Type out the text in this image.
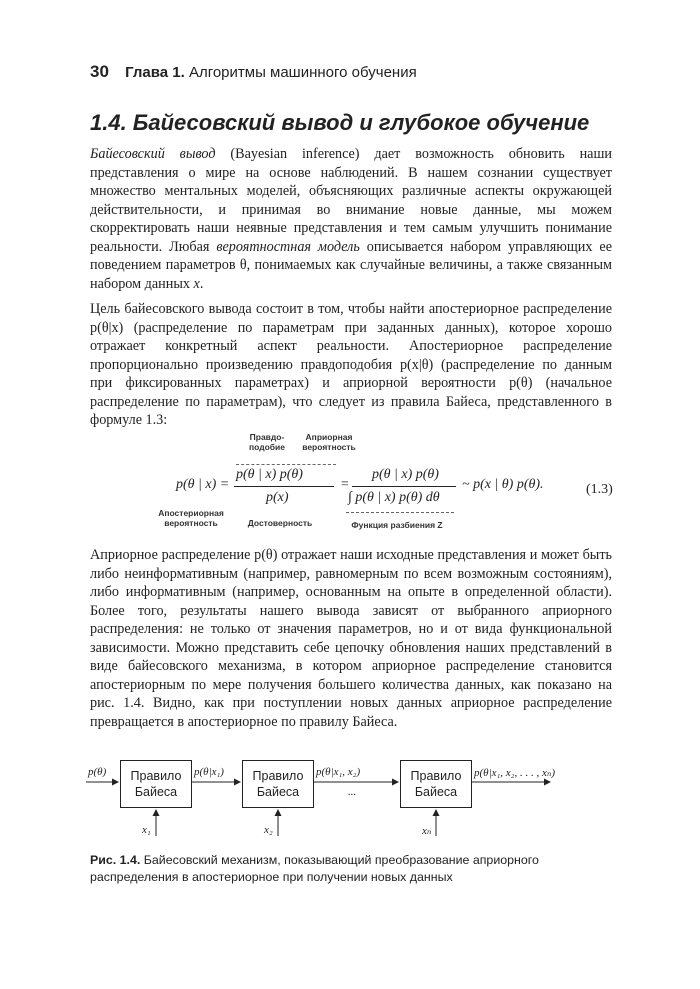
30 Глава 1. Алгоритмы машинного обучения
1.4. Байесовский вывод и глубокое обучение
Байесовский вывод (Bayesian inference) дает возможность обновить наши представления о мире на основе наблюдений. В нашем сознании существует множество ментальных моделей, объясняющих различные аспекты окружающей действительности, и принимая во внимание новые данные, мы можем скорректировать наши неявные представления и тем самым улучшить понимание реальности. Любая вероятностная модель описывается набором управляющих ее поведением параметров θ, понимаемых как случайные величины, а также связанным набором данных x.
Цель байесовского вывода состоит в том, чтобы найти апостериорное распределение p(θ|x) (распределение по параметрам при заданных данных), которое хорошо отражает конкретный аспект реальности. Апостериорное распределение пропорционально произведению правдоподобия p(x|θ) (распределение по данным при фиксированных параметрах) и априорной вероятности p(θ) (начальное распределение по параметрам), что следует из правила Байеса, представленного в формуле 1.3:
Правдо-
подобие
Априорная
вероятность
p(θ | x) =
p(θ | x) p(θ)
p(x)
=
p(θ | x) p(θ)
∫ p(θ | x) p(θ) dθ
~ p(x | θ) p(θ).	(1.3)
Апостериорная вероятность	Достоверность	Функция разбиения Z
Априорное распределение p(θ) отражает наши исходные представления и может быть либо неинформативным (например, равномерным по всем возможным состояниям), либо информативным (например, основанным на опыте в определенной области). Более того, результаты нашего вывода зависят от выбранного априорного распределения: не только от значения параметров, но и от вида функциональной зависимости. Можно представить себе цепочку обновления наших представлений в виде байесовского механизма, в котором априорное распределение становится апостериорным по мере получения большего количества данных, как показано на рис. 1.4. Видно, как при поступлении новых данных априорное распределение превращается в апостериорное по правилу Байеса.
p(θ)	Правило
Байеса
p(θ|x₁)	Правило
Байеса
p(θ|x₁, x₂)
...
Правило
Байеса
p(θ|x₁, x₂, . . . , xₙ)
x₁	x₂	xₙ
Рис. 1.4. Байесовский механизм, показывающий преобразование априорного распределения в апостериорное при получении новых данных
